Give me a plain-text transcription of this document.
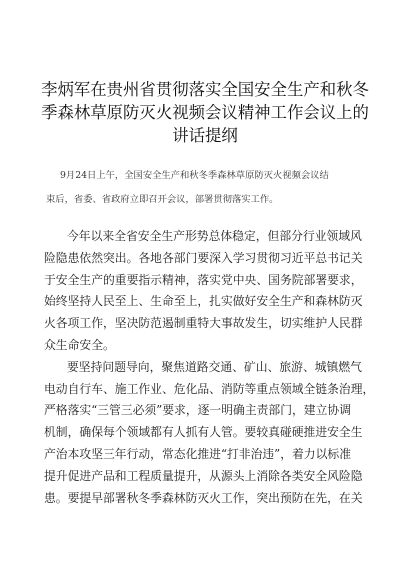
李炳军在贵州省贯彻落实全国安全生产和秋冬
季森林草原防灭火视频会议精神工作会议上的
讲话提纲
9月24日上午，全国安全生产和秋冬季森林草原防灭火视频会议结
束后，省委、省政府立即召开会议，部署贯彻落实工作。
今年以来全省安全生产形势总体稳定，但部分行业领域风
险隐患依然突出。各地各部门要深入学习贯彻习近平总书记关
于安全生产的重要指示精神，落实党中央、国务院部署要求，
始终坚持人民至上、生命至上，扎实做好安全生产和森林防灭
火各项工作，坚决防范遏制重特大事故发生，切实维护人民群
众生命安全。
要坚持问题导向，聚焦道路交通、矿山、旅游、城镇燃气
电动自行车、施工作业、危化品、消防等重点领域全链条治理，
严格落实“三管三必须”要求，逐一明确主责部门，建立协调
机制，确保每个领域都有人抓有人管。要较真碰硬推进安全生
产治本攻坚三年行动，常态化推进“打非治违”，着力以标准
提升促进产品和工程质量提升，从源头上消除各类安全风险隐
患。要提早部署秋冬季森林防灭火工作，突出预防在先，在关
